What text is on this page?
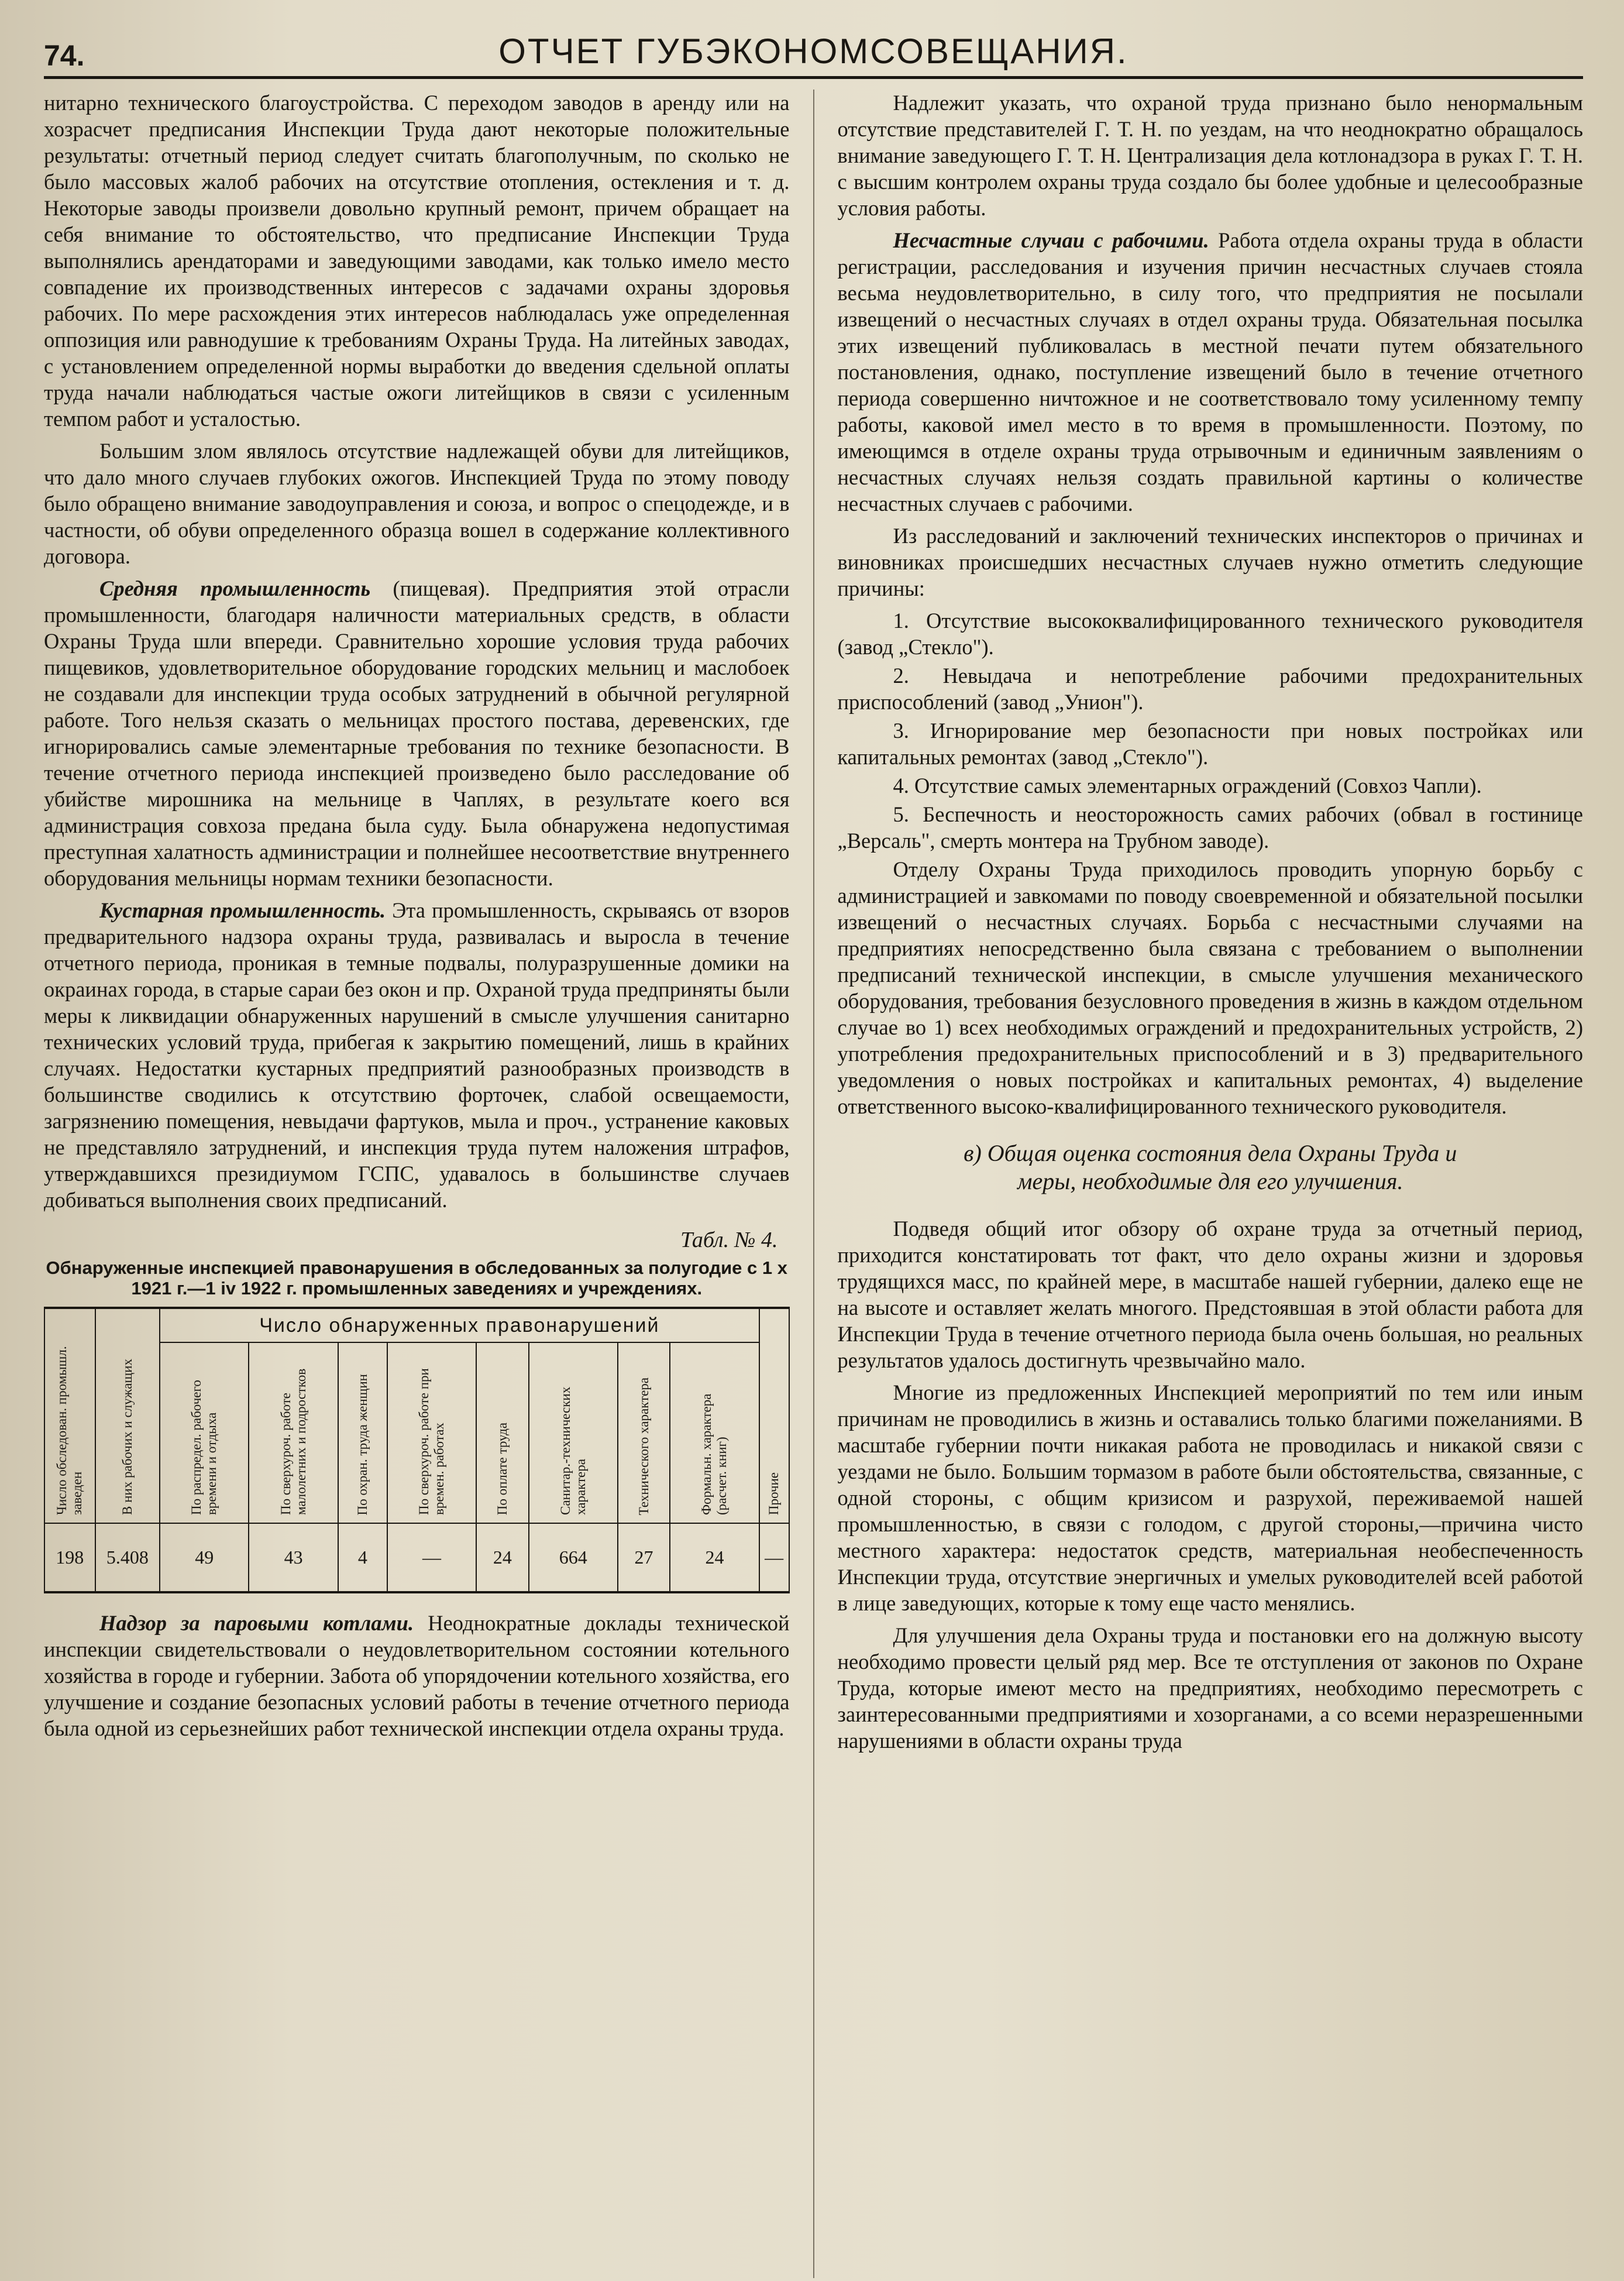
74.	ОТЧЕТ ГУБЭКОНОМСОВЕЩАНИЯ.

нитарно технического благоустройства. С переходом заводов в аренду или на хозрасчет предписания Инспекции Труда дают некоторые положительные результаты: отчетный период следует считать благополучным, по сколько не было массовых жалоб рабочих на отсутствие отопления, остекления и т. д. Некоторые заводы произвели довольно крупный ремонт, причем обращает на себя внимание то обстоятельство, что предписание Инспекции Труда выполнялись арендаторами и заведующими заводами, как только имело место совпадение их производственных интересов с задачами охраны здоровья рабочих. По мере расхождения этих интересов наблюдалась уже определенная оппозиция или равнодушие к требованиям Охраны Труда. На литейных заводах, с установлением определенной нормы выработки до введения сдельной оплаты труда начали наблюдаться частые ожоги литейщиков в связи с усиленным темпом работ и усталостью.

Большим злом являлось отсутствие надлежащей обуви для литейщиков, что дало много случаев глубоких ожогов. Инспекцией Труда по этому поводу было обращено внимание заводоуправления и союза, и вопрос о спецодежде, и в частности, об обуви определенного образца вошел в содержание коллективного договора.

Средняя промышленность (пищевая). Предприятия этой отрасли промышленности, благодаря наличности материальных средств, в области Охраны Труда шли впереди. Сравнительно хорошие условия труда рабочих пищевиков, удовлетворительное оборудование городских мельниц и маслобоек не создавали для инспекции труда особых затруднений в обычной регулярной работе. Того нельзя сказать о мельницах простого постава, деревенских, где игнорировались самые элементарные требования по технике безопасности. В течение отчетного периода инспекцией произведено было расследование об убийстве мирошника на мельнице в Чаплях, в результате коего вся администрация совхоза предана была суду. Была обнаружена недопустимая преступная халатность администрации и полнейшее несоответствие внутреннего оборудования мельницы нормам техники безопасности.

Кустарная промышленность. Эта промышленность, скрываясь от взоров предварительного надзора охраны труда, развивалась и выросла в течение отчетного периода, проникая в темные подвалы, полуразрушенные домики на окраинах города, в старые сараи без окон и пр. Охраной труда предприняты были меры к ликвидации обнаруженных нарушений в смысле улучшения санитарно технических условий труда, прибегая к закрытию помещений, лишь в крайних случаях. Недостатки кустарных предприятий разнообразных производств в большинстве сводились к отсутствию форточек, слабой освещаемости, загрязнению помещения, невыдачи фартуков, мыла и проч., устранение каковых не представляло затруднений, и инспекция труда путем наложения штрафов, утверждавшихся президиумом ГСПС, удавалось в большинстве случаев добиваться выполнения своих предписаний.

Табл. № 4.
Обнаруженные инспекцией правонарушения в обследованных за полугодие с 1 x 1921 г.—1 iv 1922 г. промышленных заведениях и учреждениях.
Число обследован. промышл. заведен	В них рабочих и служащих	Число обнаруженных правонарушений								Прочие
		По распредел. рабочего времени и отдыха	По сверхуроч. работе малолетних и подростков	По охран. труда женщин	По сверхуроч. работе при времен. работах	По оплате труда	Санитар.-технических характера	Технического характера	Формальн. характера (расчет. книг)	
198	5.408	49	43	4	—	24	664	27	24	—

Надзор за паровыми котлами. Неоднократные доклады технической инспекции свидетельствовали о неудовлетворительном состоянии котельного хозяйства в городе и губернии. Забота об упорядочении котельного хозяйства, его улучшение и создание безопасных условий работы в течение отчетного периода была одной из серьезнейших работ технической инспекции отдела охраны труда.

Надлежит указать, что охраной труда признано было ненормальным отсутствие представителей Г. Т. Н. по уездам, на что неоднократно обращалось внимание заведующего Г. Т. Н. Централизация дела котлонадзора в руках Г. Т. Н. с высшим контролем охраны труда создало бы более удобные и целесообразные условия работы.

Несчастные случаи с рабочими. Работа отдела охраны труда в области регистрации, расследования и изучения причин несчастных случаев стояла весьма неудовлетворительно, в силу того, что предприятия не посылали извещений о несчастных случаях в отдел охраны труда. Обязательная посылка этих извещений публиковалась в местной печати путем обязательного постановления, однако, поступление извещений было в течение отчетного периода совершенно ничтожное и не соответствовало тому усиленному темпу работы, каковой имел место в то время в промышленности. Поэтому, по имеющимся в отделе охраны труда отрывочным и единичным заявлениям о несчастных случаях нельзя создать правильной картины о количестве несчастных случаев с рабочими.

Из расследований и заключений технических инспекторов о причинах и виновниках происшедших несчастных случаев нужно отметить следующие причины:

1. Отсутствие высококвалифицированного технического руководителя (завод „Стекло").

2. Невыдача и непотребление рабочими предохранительных приспособлений (завод „Унион").

3. Игнорирование мер безопасности при новых постройках или капитальных ремонтах (завод „Стекло").

4. Отсутствие самых элементарных ограждений (Совхоз Чапли).

5. Беспечность и неосторожность самих рабочих (обвал в гостинице „Версаль", смерть монтера на Трубном заводе).

Отделу Охраны Труда приходилось проводить упорную борьбу с администрацией и завкомами по поводу своевременной и обязательной посылки извещений о несчастных случаях. Борьба с несчастными случаями на предприятиях непосредственно была связана с требованием о выполнении предписаний технической инспекции, в смысле улучшения механического оборудования, требования безусловного проведения в жизнь в каждом отдельном случае во 1) всех необходимых ограждений и предохранительных устройств, 2) употребления предохранительных приспособлений и в 3) предварительного уведомления о новых постройках и капитальных ремонтах, 4) выделение ответственного высоко-квалифицированного технического руководителя.

в) Общая оценка состояния дела Охраны Труда и
меры, необходимые для его улучшения.

Подведя общий итог обзору об охране труда за отчетный период, приходится констатировать тот факт, что дело охраны жизни и здоровья трудящихся масс, по крайней мере, в масштабе нашей губернии, далеко еще не на высоте и оставляет желать многого. Предстоявшая в этой области работа для Инспекции Труда в течение отчетного периода была очень большая, но реальных результатов удалось достигнуть чрезвычайно мало.

Многие из предложенных Инспекцией мероприятий по тем или иным причинам не проводились в жизнь и оставались только благими пожеланиями. В масштабе губернии почти никакая работа не проводилась и никакой связи с уездами не было. Большим тормазом в работе были обстоятельства, связанные, с одной стороны, с общим кризисом и разрухой, переживаемой нашей промышленностью, в связи с голодом, с другой стороны,—причина чисто местного характера: недостаток средств, материальная необеспеченность Инспекции труда, отсутствие энергичных и умелых руководителей всей работой в лице заведующих, которые к тому еще часто менялись.

Для улучшения дела Охраны труда и постановки его на должную высоту необходимо провести целый ряд мер. Все те отступления от законов по Охране Труда, которые имеют место на предприятиях, необходимо пересмотреть с заинтересованными предприятиями и хозорганами, а со всеми неразрешенными нарушениями в области охраны труда
